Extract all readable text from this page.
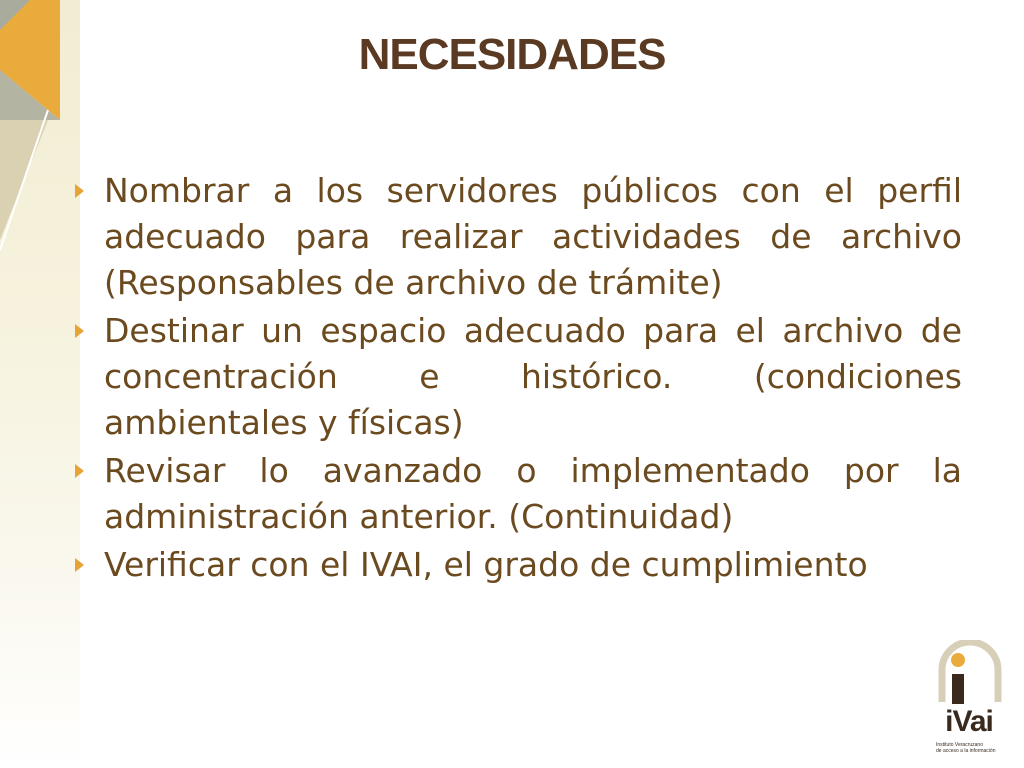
NECESIDADES
Nombrar a los servidores públicos con el perfil adecuado para realizar actividades de archivo (Responsables de archivo de trámite)
Destinar un espacio adecuado para el archivo de concentración e histórico. (condiciones ambientales y físicas)
Revisar lo avanzado o implementado por la administración anterior. (Continuidad)
Verificar con el IVAI, el grado de cumplimiento
iVai
Instituto Veracruzano
de acceso a la información
